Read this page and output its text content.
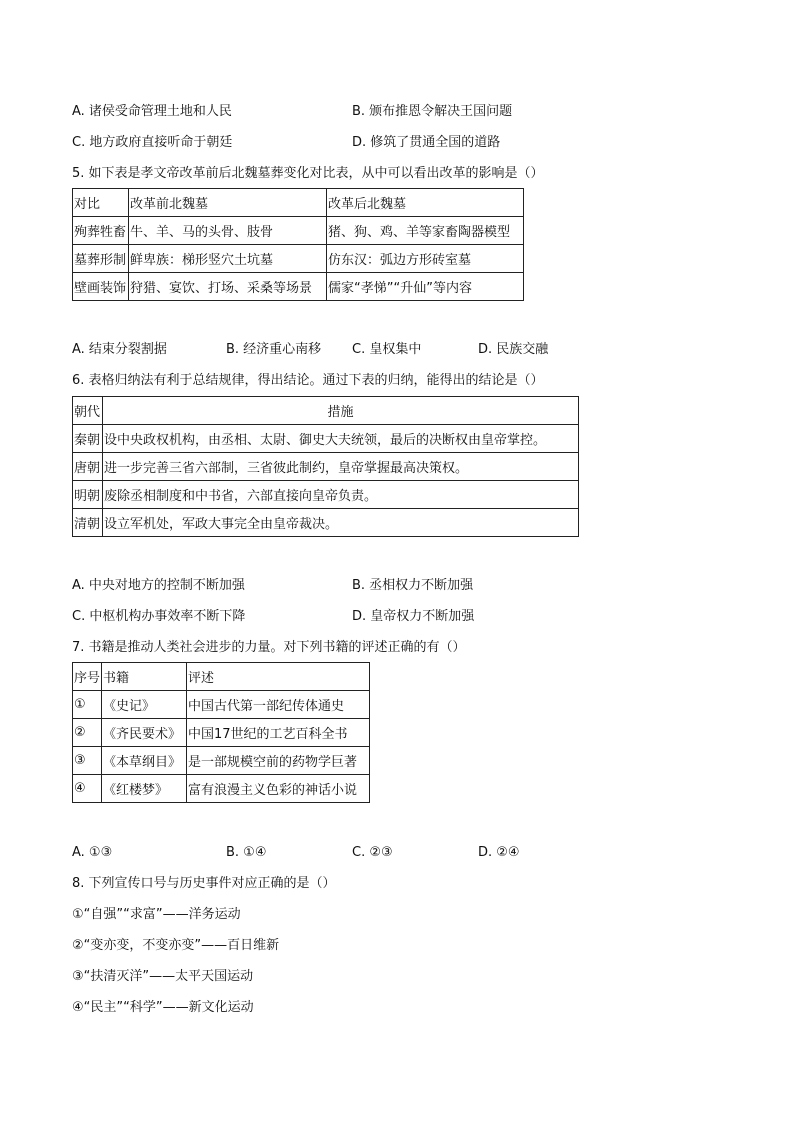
A. 诸侯受命管理土地和人民	B. 颁布推恩令解决王国问题
C. 地方政府直接听命于朝廷	D. 修筑了贯通全国的道路
5. 如下表是孝文帝改革前后北魏墓葬变化对比表，从中可以看出改革的影响是（）
对比	改革前北魏墓	改革后北魏墓
殉葬牲畜	牛、羊、马的头骨、肢骨	猪、狗、鸡、羊等家畜陶器模型
墓葬形制	鲜卑族：梯形竖穴土坑墓	仿东汉：弧边方形砖室墓
壁画装饰	狩猎、宴饮、打场、采桑等场景	儒家“孝悌”“升仙”等内容
A. 结束分裂割据	B. 经济重心南移 C. 皇权集中	D. 民族交融
6. 表格归纳法有利于总结规律，得出结论。通过下表的归纳，能得出的结论是（）
朝代	措施
秦朝	设中央政权机构，由丞相、太尉、御史大夫统领，最后的决断权由皇帝掌控。
唐朝	进一步完善三省六部制，三省彼此制约，皇帝掌握最高决策权。
明朝	废除丞相制度和中书省，六部直接向皇帝负责。
清朝	设立军机处，军政大事完全由皇帝裁决。
A. 中央对地方的控制不断加强	B. 丞相权力不断加强
C. 中枢机构办事效率不断下降	D. 皇帝权力不断加强
7. 书籍是推动人类社会进步的力量。对下列书籍的评述正确的有（）
序号	书籍	评述
①	《史记》	中国古代第一部纪传体通史
②	《齐民要术》	中国17世纪的工艺百科全书
③	《本草纲目》	是一部规模空前的药物学巨著
④	《红楼梦》	富有浪漫主义色彩的神话小说
A. ①③	B. ①④	C. ②③	D. ②④
8. 下列宣传口号与历史事件对应正确的是（）
①“自强”“求富”——洋务运动
②“变亦变，不变亦变”——百日维新
③“扶清灭洋”——太平天国运动
④“民主”“科学”——新文化运动
